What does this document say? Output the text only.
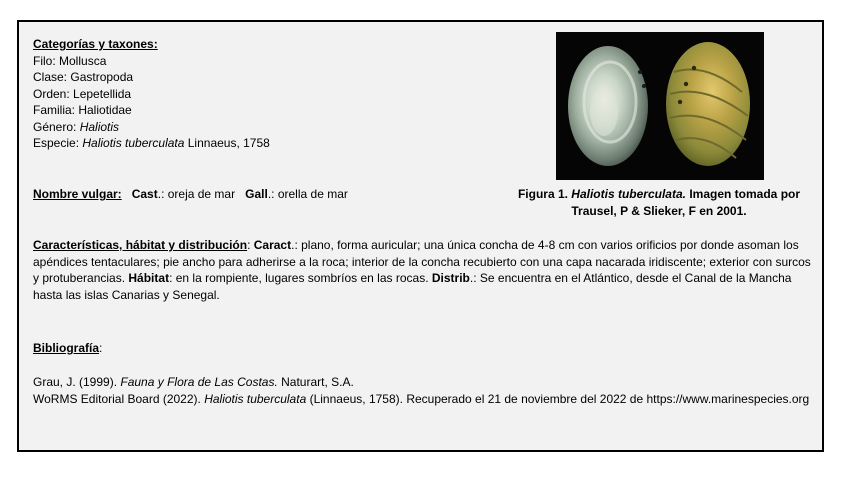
Categorías y taxones:
Filo: Mollusca
Clase: Gastropoda
Orden: Lepetellida
Familia: Haliotidae
Género: Haliotis
Especie: Haliotis tuberculata Linnaeus, 1758
Nombre vulgar: Cast.: oreja de mar Gall.: orella de mar	Figura 1. Haliotis tuberculata. Imagen tomada por Trausel, P & Slieker, F en 2001.
Características, hábitat y distribución: Caract.: plano, forma auricular; una única concha de 4-8 cm con varios orificios por donde asoman los apéndices tentaculares; pie ancho para adherirse a la roca; interior de la concha recubierto con una capa nacarada iridiscente; exterior con surcos y protuberancias. Hábitat: en la rompiente, lugares sombríos en las rocas. Distrib.: Se encuentra en el Atlántico, desde el Canal de la Mancha hasta las islas Canarias y Senegal.
Bibliografía:
Grau, J. (1999). Fauna y Flora de Las Costas. Naturart, S.A.
WoRMS Editorial Board (2022). Haliotis tuberculata (Linnaeus, 1758). Recuperado el 21 de noviembre del 2022 de https://www.marinespecies.org
